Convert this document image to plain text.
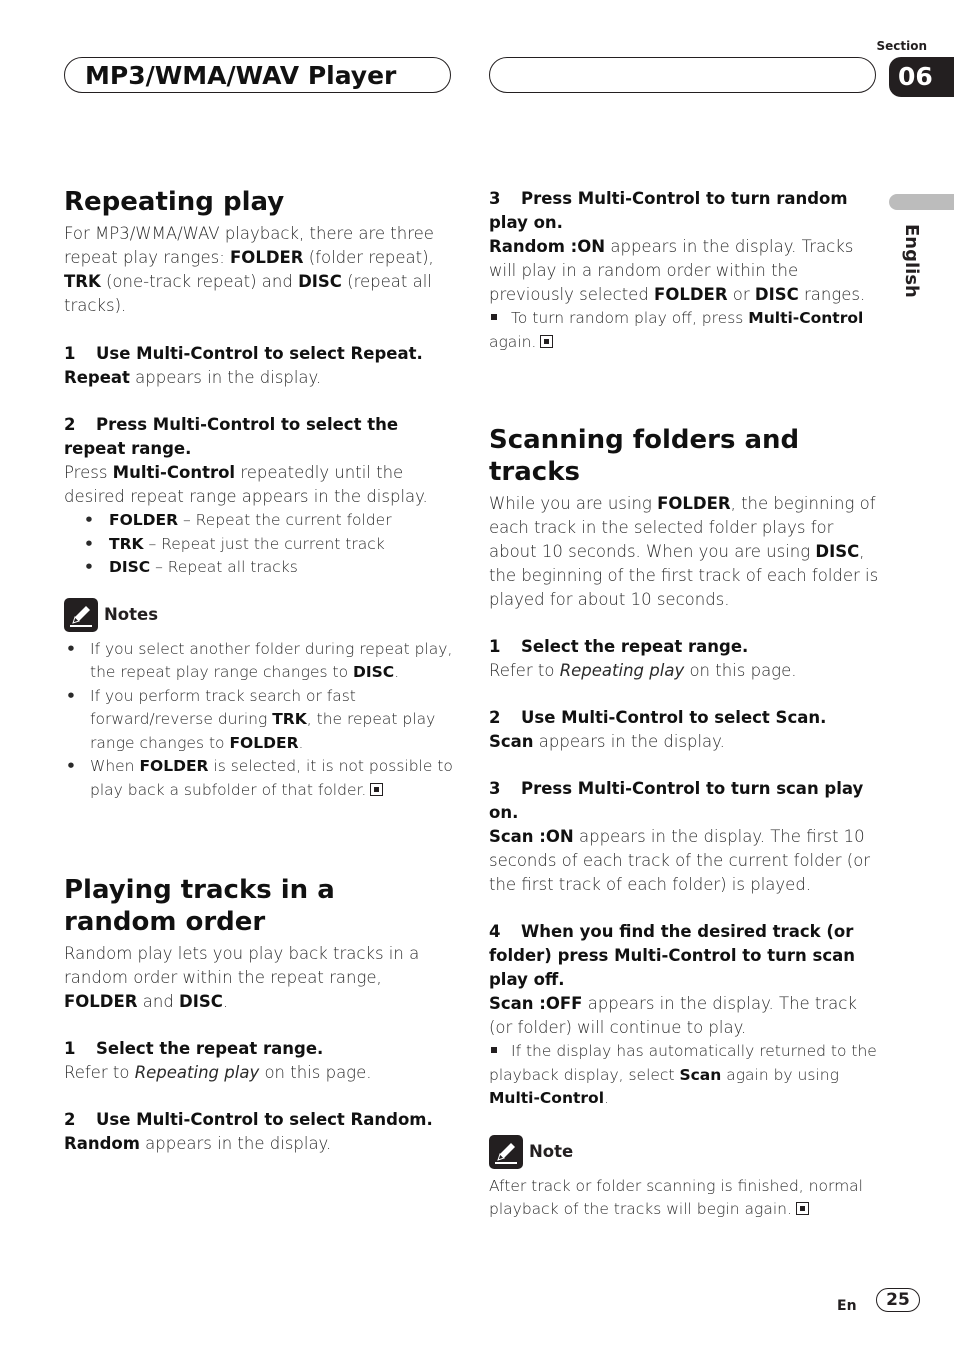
MP3/WMA/WAV Player
Section
06
English
Repeating play

For MP3/WMA/WAV playback, there are three repeat play ranges: FOLDER (folder repeat), TRK (one-track repeat) and DISC (repeat all tracks).

1 Use Multi-Control to select Repeat.

Repeat appears in the display.

2 Press Multi-Control to select the repeat range.

Press Multi-Control repeatedly until the desired repeat range appears in the display.

• FOLDER – Repeat the current folder
• TRK – Repeat just the current track
• DISC – Repeat all tracks
Notes
• If you select another folder during repeat play, the repeat play range changes to DISC.
• If you perform track search or fast forward/reverse during TRK, the repeat play range changes to FOLDER.
• When FOLDER is selected, it is not possible to play back a subfolder of that folder.
Playing tracks in a random order

Random play lets you play back tracks in a random order within the repeat range, FOLDER and DISC.

1 Select the repeat range.

Refer to Repeating play on this page.

2 Use Multi-Control to select Random.

Random appears in the display.

3 Press Multi-Control to turn random play on.

Random :ON appears in the display. Tracks will play in a random order within the previously selected FOLDER or DISC ranges.

To turn random play off, press Multi-Control again.

Scanning folders and tracks

While you are using FOLDER, the beginning of each track in the selected folder plays for about 10 seconds. When you are using DISC, the beginning of the first track of each folder is played for about 10 seconds.

1 Select the repeat range.

Refer to Repeating play on this page.

2 Use Multi-Control to select Scan.

Scan appears in the display.

3 Press Multi-Control to turn scan play on.

Scan :ON appears in the display. The first 10 seconds of each track of the current folder (or the first track of each folder) is played.

4 When you find the desired track (or folder) press Multi-Control to turn scan play off.

Scan :OFF appears in the display. The track (or folder) will continue to play.

If the display has automatically returned to the playback display, select Scan again by using Multi-Control.

Note

After track or folder scanning is finished, normal playback of the tracks will begin again.

En	25
